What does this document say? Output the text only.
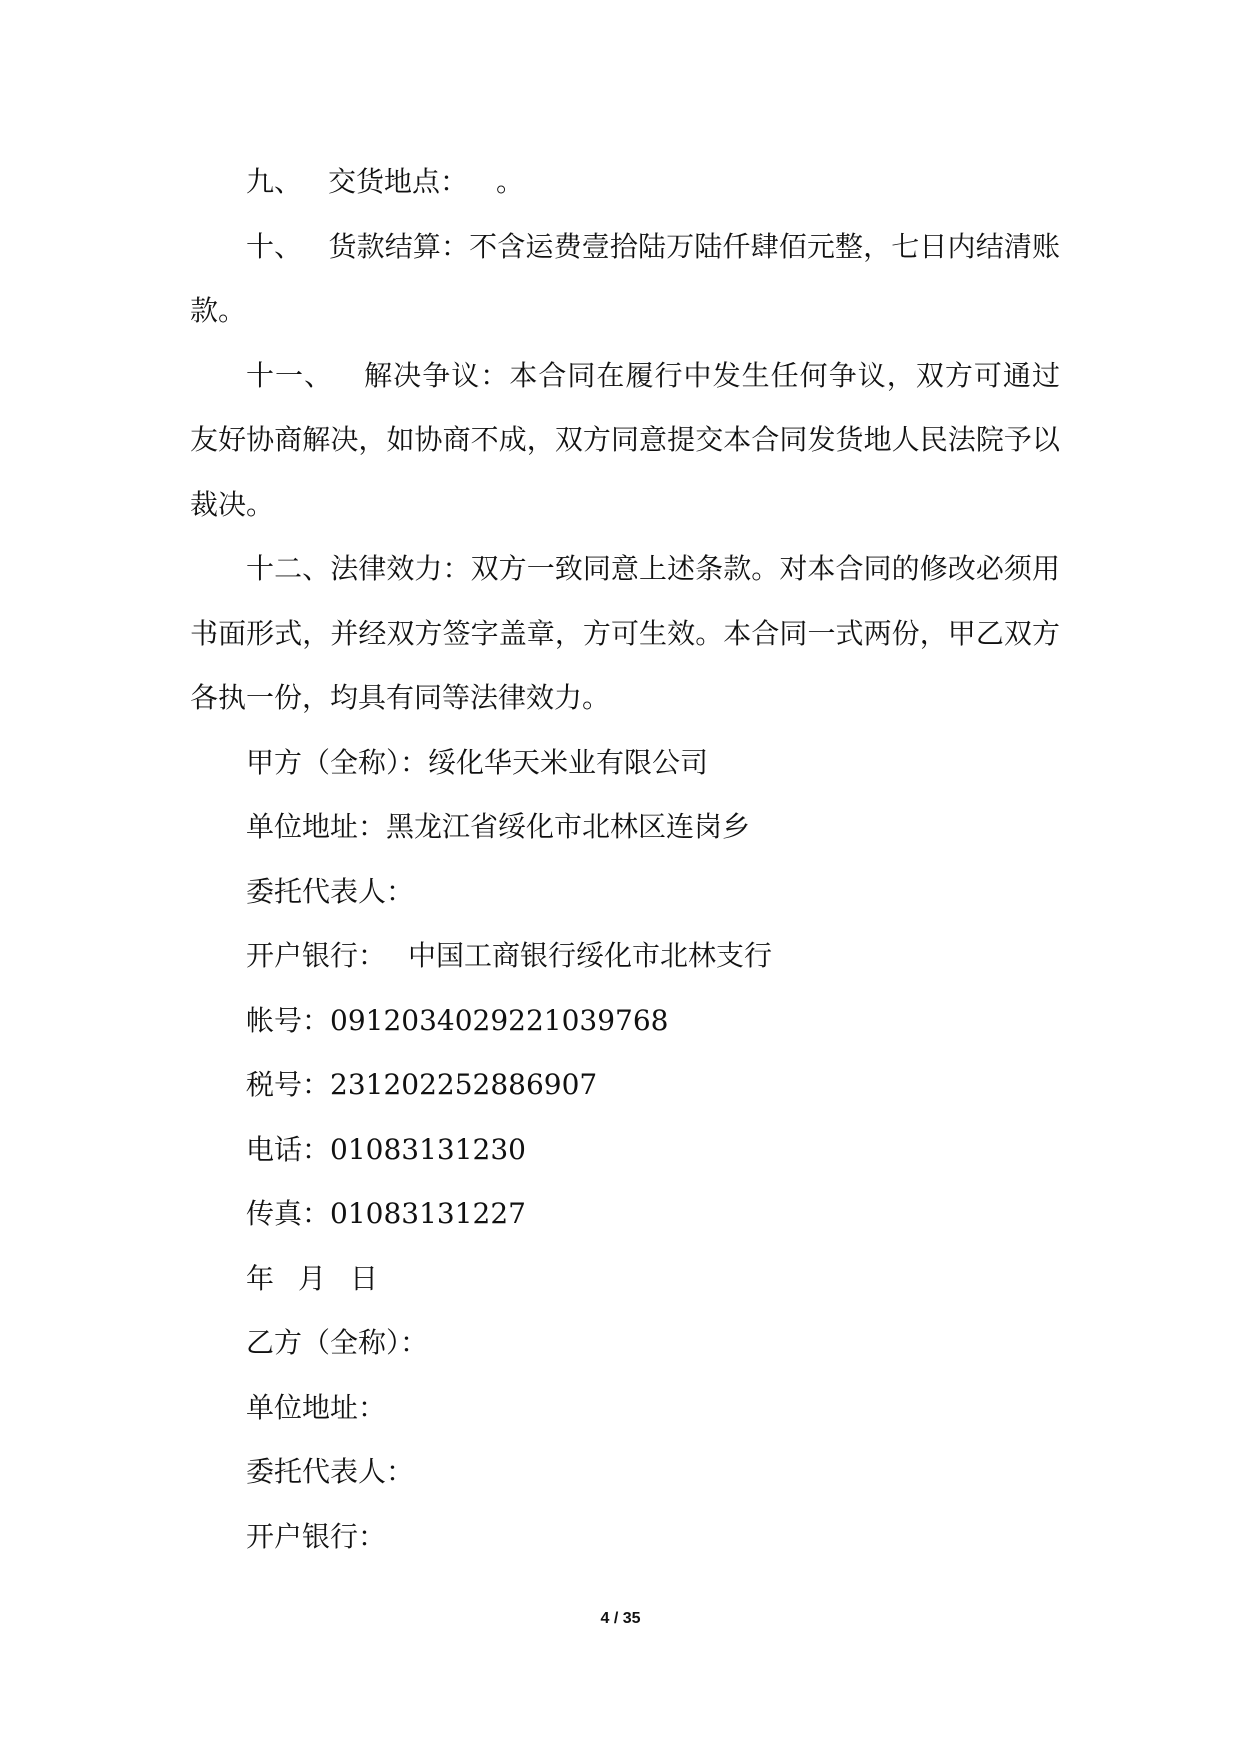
九、 交货地点： 。

十、 货款结算：不含运费壹拾陆万陆仟肆佰元整，七日内结清账款。

十一、 解决争议：本合同在履行中发生任何争议，双方可通过友好协商解决，如协商不成，双方同意提交本合同发货地人民法院予以裁决。

十二、法律效力：双方一致同意上述条款。对本合同的修改必须用书面形式，并经双方签字盖章，方可生效。本合同一式两份，甲乙双方各执一份，均具有同等法律效力。

甲方（全称）：绥化华天米业有限公司

单位地址：黑龙江省绥化市北林区连岗乡

委托代表人：

开户银行： 中国工商银行绥化市北林支行

帐号：0912034029221039768

税号：231202252886907

电话：01083131230

传真：01083131227

年 月 日

乙方（全称）：

单位地址：

委托代表人：

开户银行：

4 / 35
